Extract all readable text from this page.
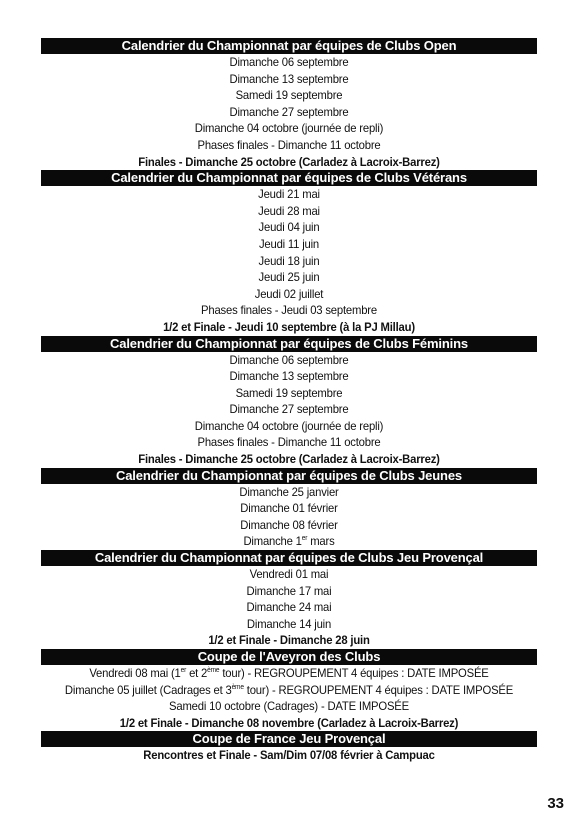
Calendrier du Championnat par équipes de Clubs Open
Dimanche 06 septembre
Dimanche 13 septembre
Samedi 19 septembre
Dimanche 27 septembre
Dimanche 04 octobre (journée de repli)
Phases finales - Dimanche 11 octobre
Finales - Dimanche 25 octobre (Carladez à Lacroix-Barrez)
Calendrier du Championnat par équipes de Clubs Vétérans
Jeudi 21 mai
Jeudi 28 mai
Jeudi 04 juin
Jeudi 11 juin
Jeudi 18 juin
Jeudi 25 juin
Jeudi 02 juillet
Phases finales - Jeudi 03 septembre
1/2 et Finale - Jeudi 10 septembre (à la PJ Millau)
Calendrier du Championnat par équipes de Clubs Féminins
Dimanche 06 septembre
Dimanche 13 septembre
Samedi 19 septembre
Dimanche 27 septembre
Dimanche 04 octobre (journée de repli)
Phases finales - Dimanche 11 octobre
Finales - Dimanche 25 octobre (Carladez à Lacroix-Barrez)
Calendrier du Championnat par équipes de Clubs Jeunes
Dimanche 25 janvier
Dimanche 01 février
Dimanche 08 février
Dimanche 1er mars
Calendrier du Championnat par équipes de Clubs Jeu Provençal
Vendredi 01 mai
Dimanche 17 mai
Dimanche 24 mai
Dimanche 14 juin
1/2 et Finale - Dimanche 28 juin
Coupe de l'Aveyron des Clubs
Vendredi 08 mai (1er et 2ème tour) - REGROUPEMENT 4 équipes : DATE IMPOSÉE
Dimanche 05 juillet (Cadrages et 3ème tour) - REGROUPEMENT 4 équipes : DATE IMPOSÉE
Samedi 10 octobre (Cadrages) - DATE IMPOSÉE
1/2 et Finale - Dimanche 08 novembre (Carladez à Lacroix-Barrez)
Coupe de France Jeu Provençal
Rencontres et Finale - Sam/Dim 07/08 février à Campuac
33
